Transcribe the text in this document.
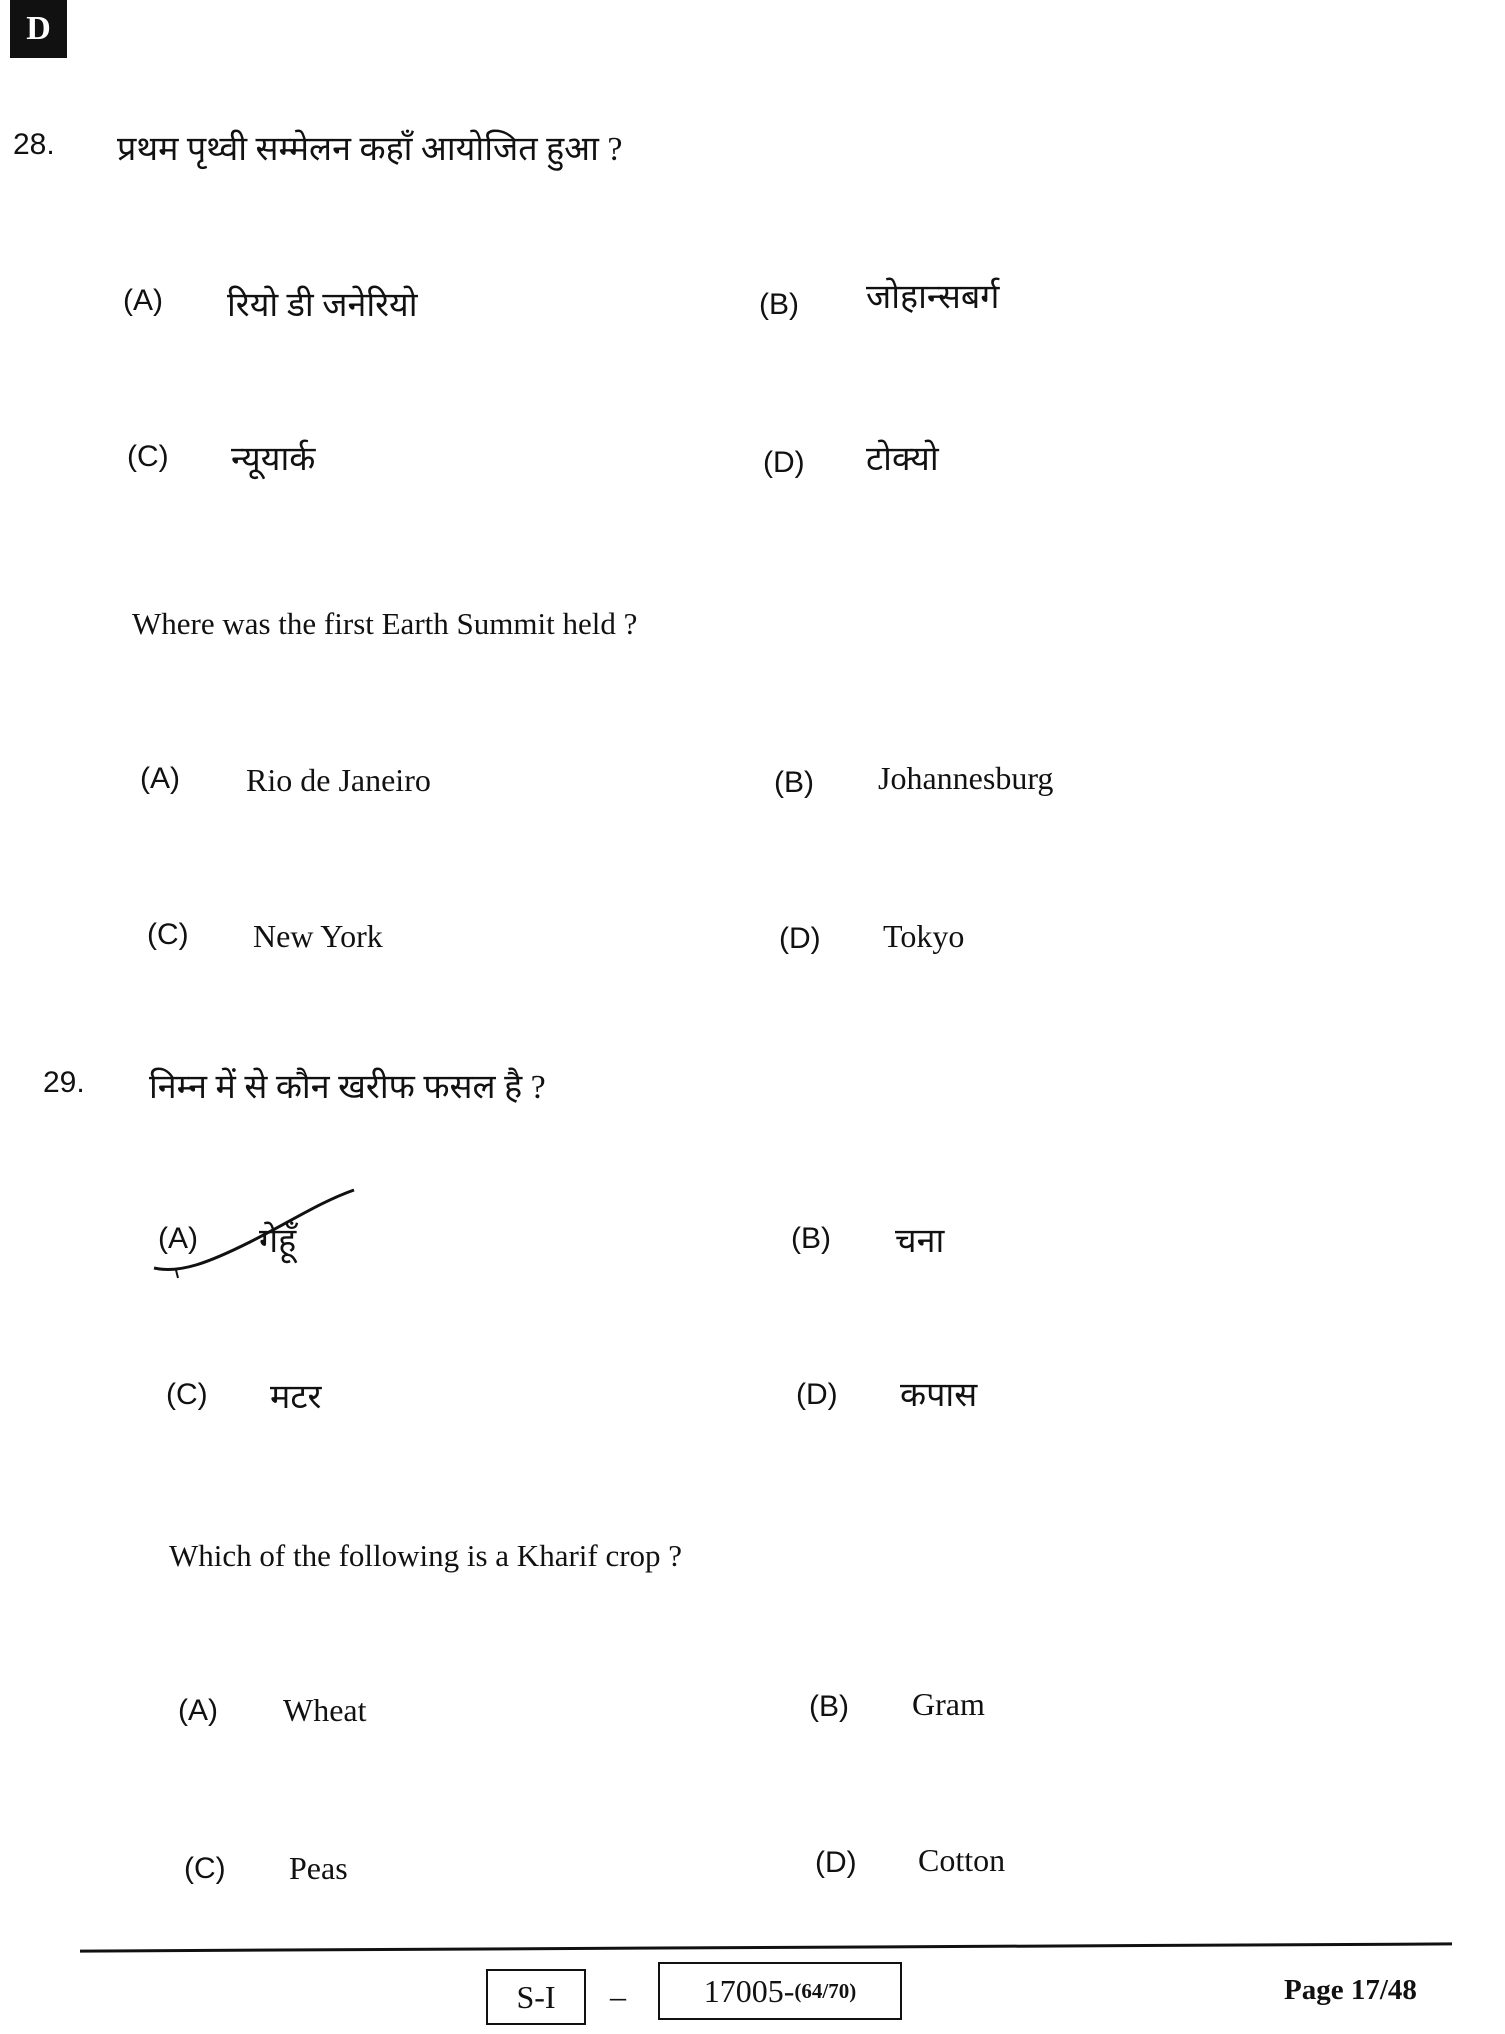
D
28. प्रथम पृथ्वी सम्मेलन कहाँ आयोजित हुआ ?
(A) रियो डी जनेरियो	(B) जोहान्सबर्ग
(C) न्यूयार्क	(D) टोक्यो
Where was the first Earth Summit held ?
(A) Rio de Janeiro	(B) Johannesburg
(C) New York	(D) Tokyo
29. निम्न में से कौन खरीफ फसल है ?
(A) गेहूँ	(B) चना
(C) मटर	(D) कपास
Which of the following is a Kharif crop ?
(A) Wheat	(B) Gram
(C) Peas	(D) Cotton
S-I – 17005- (64/70)	Page 17/48
